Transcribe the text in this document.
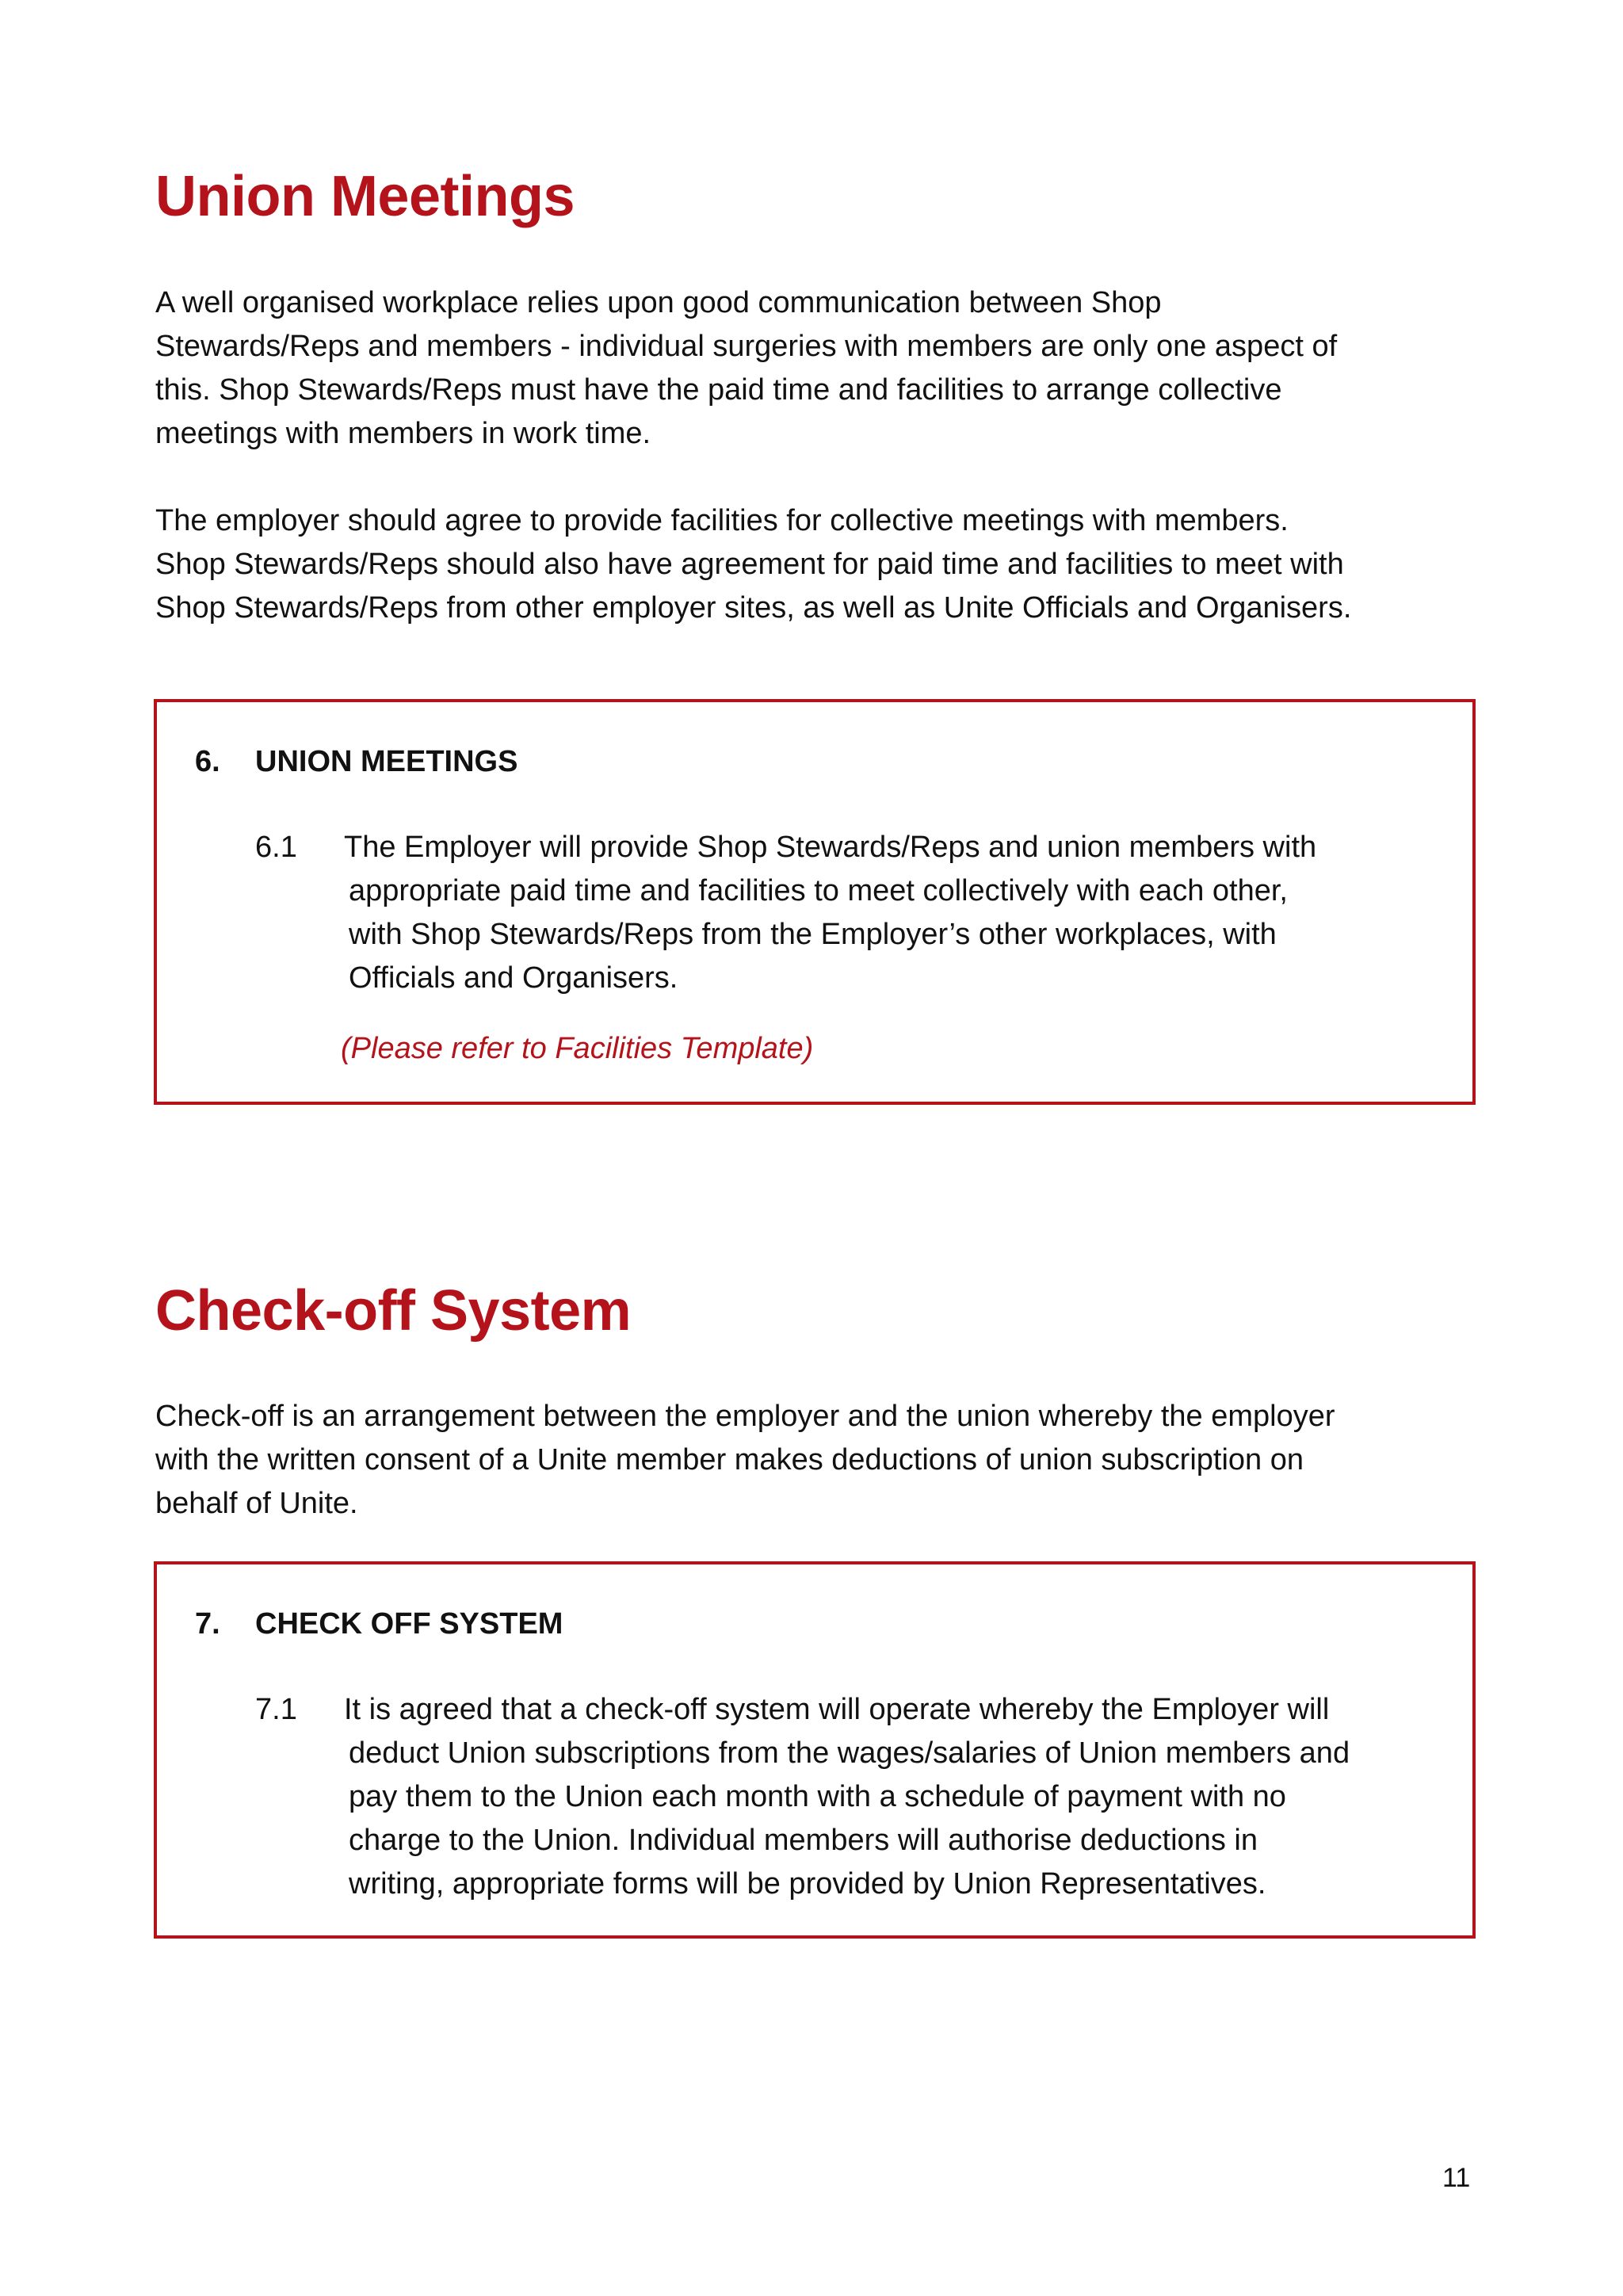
Union Meetings

A well organised workplace relies upon good communication between Shop
Stewards/Reps and members - individual surgeries with members are only one aspect of
this. Shop Stewards/Reps must have the paid time and facilities to arrange collective
meetings with members in work time.

The employer should agree to provide facilities for collective meetings with members.
Shop Stewards/Reps should also have agreement for paid time and facilities to meet with
Shop Stewards/Reps from other employer sites, as well as Unite Officials and Organisers.

6. UNION MEETINGS
6.1 The Employer will provide Shop Stewards/Reps and union members with
appropriate paid time and facilities to meet collectively with each other,
with Shop Stewards/Reps from the Employer’s other workplaces, with
Officials and Organisers.

(Please refer to Facilities Template)

Check-off System

Check-off is an arrangement between the employer and the union whereby the employer
with the written consent of a Unite member makes deductions of union subscription on
behalf of Unite.

7. CHECK OFF SYSTEM
7.1 It is agreed that a check-off system will operate whereby the Employer will
deduct Union subscriptions from the wages/salaries of Union members and
pay them to the Union each month with a schedule of payment with no
charge to the Union. Individual members will authorise deductions in
writing, appropriate forms will be provided by Union Representatives.

11
